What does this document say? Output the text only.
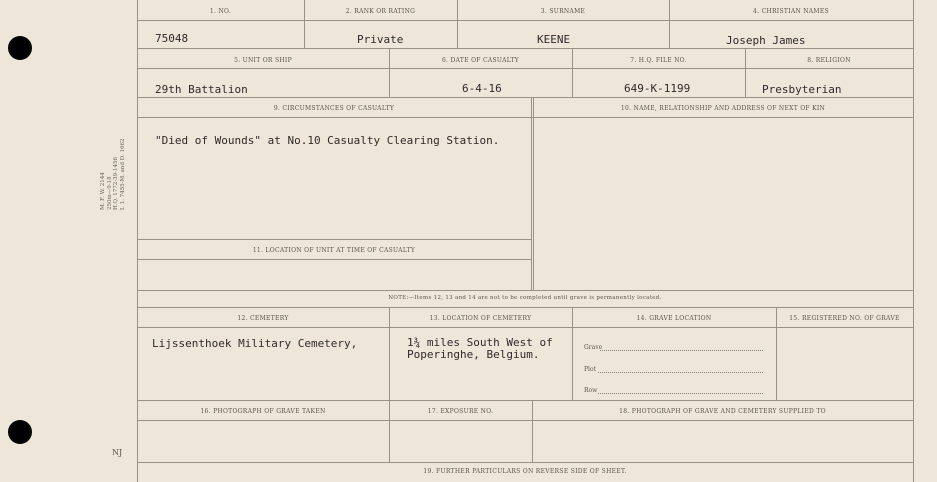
M. F. W. 2144 250m—9-18 H.Q. 1772-39-1456 I. 1. 7455-M. and D. 1662
NJ
1. NO.	2. RANK OR RATING	3. SURNAME	4. CHRISTIAN NAMES
75048	Private	KEENE	Joseph James
5. UNIT OR SHIP	6. DATE OF CASUALTY	7. H.Q. FILE NO.	8. RELIGION
29th Battalion	6-4-16	649-K-1199	Presbyterian
9. CIRCUMSTANCES OF CASUALTY	10. NAME, RELATIONSHIP AND ADDRESS OF NEXT OF KIN
"Died of Wounds" at No.10 Casualty Clearing Station.
11. LOCATION OF UNIT AT TIME OF CASUALTY
NOTE:—Items 12, 13 and 14 are not to be completed until grave is permanently located.
12. CEMETERY	13. LOCATION OF CEMETERY	14. GRAVE LOCATION	15. REGISTERED NO. OF GRAVE
Lijssenthoek Military Cemetery,	1¾ miles South West of
Poperinghe, Belgium.
Grave
Plot
Row
16. PHOTOGRAPH OF GRAVE TAKEN	17. EXPOSURE NO.	18. PHOTOGRAPH OF GRAVE AND CEMETERY SUPPLIED TO
19. FURTHER PARTICULARS ON REVERSE SIDE OF SHEET.
